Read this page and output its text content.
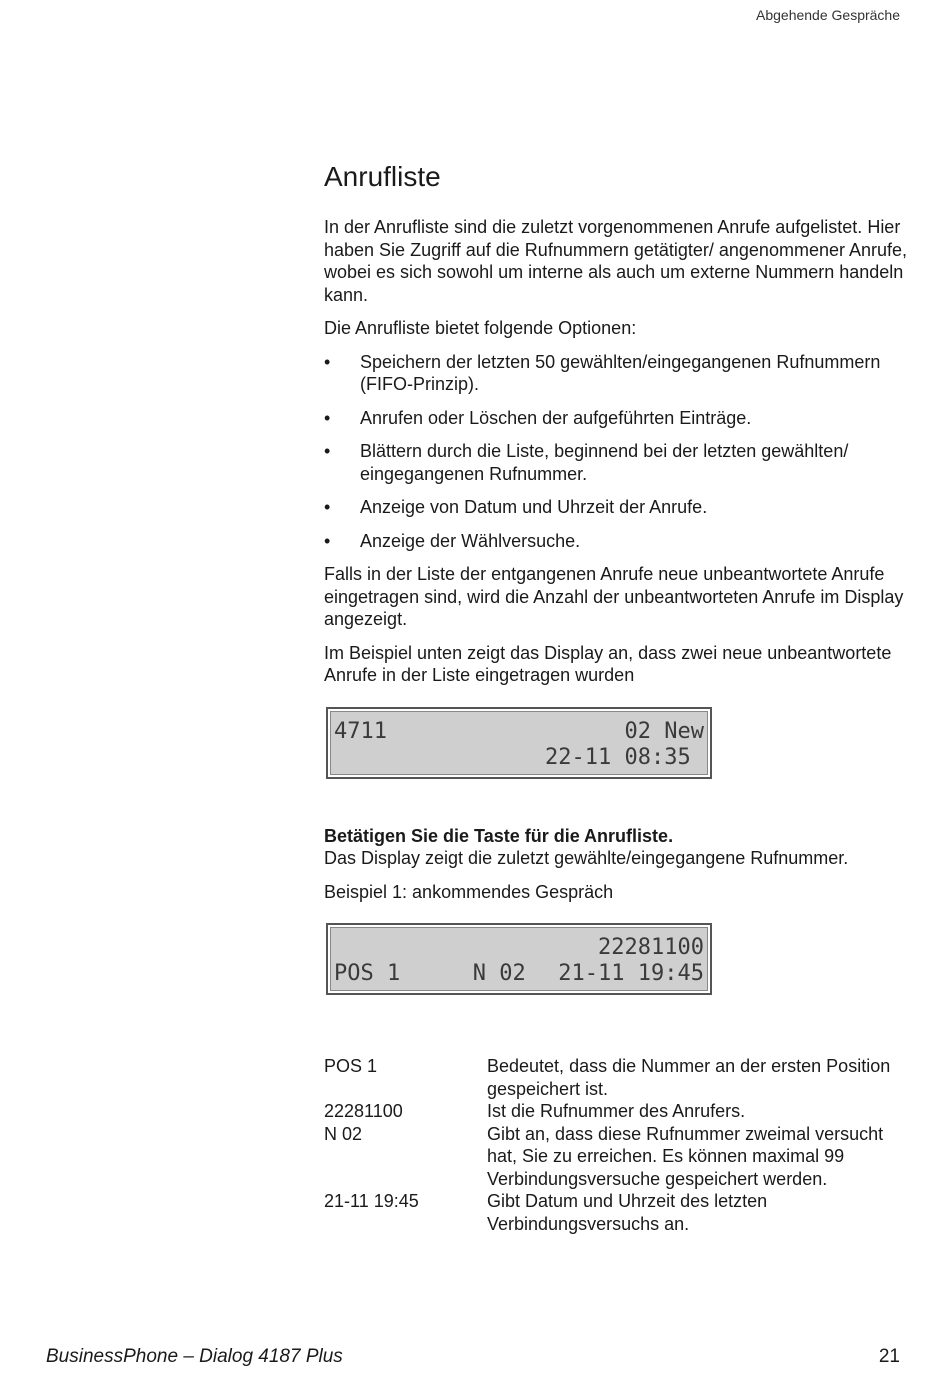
Abgehende Gespräche
Anrufliste

In der Anrufliste sind die zuletzt vorgenommenen Anrufe aufgelistet. Hier haben Sie Zugriff auf die Rufnummern getätigter/ angenommener Anrufe, wobei es sich sowohl um interne als auch um externe Nummern handeln kann.

Die Anrufliste bietet folgende Optionen:

• Speichern der letzten 50 gewählten/eingegangenen Rufnummern (FIFO-Prinzip).
• Anrufen oder Löschen der aufgeführten Einträge.
• Blättern durch die Liste, beginnend bei der letzten gewählten/ eingegangenen Rufnummer.
• Anzeige von Datum und Uhrzeit der Anrufe.
• Anzeige der Wählversuche.

Falls in der Liste der entgangenen Anrufe neue unbeantwortete Anrufe eingetragen sind, wird die Anzahl der unbeantworteten Anrufe im Display angezeigt.

Im Beispiel unten zeigt das Display an, dass zwei neue unbeantwortete Anrufe in der Liste eingetragen wurden

4711	02 New
22-11 08:35

Betätigen Sie die Taste für die Anrufliste.
Das Display zeigt die zuletzt gewählte/eingegangene Rufnummer.

Beispiel 1: ankommendes Gespräch

22281100
POS 1	N 02	21-11 19:45
POS 1	Bedeutet, dass die Nummer an der ersten Position gespeichert ist.
22281100	Ist die Rufnummer des Anrufers.
N 02	Gibt an, dass diese Rufnummer zweimal versucht hat, Sie zu erreichen. Es können maximal 99 Verbindungsversuche gespeichert werden.
21-11 19:45	Gibt Datum und Uhrzeit des letzten Verbindungsversuchs an.
BusinessPhone – Dialog 4187 Plus	21
